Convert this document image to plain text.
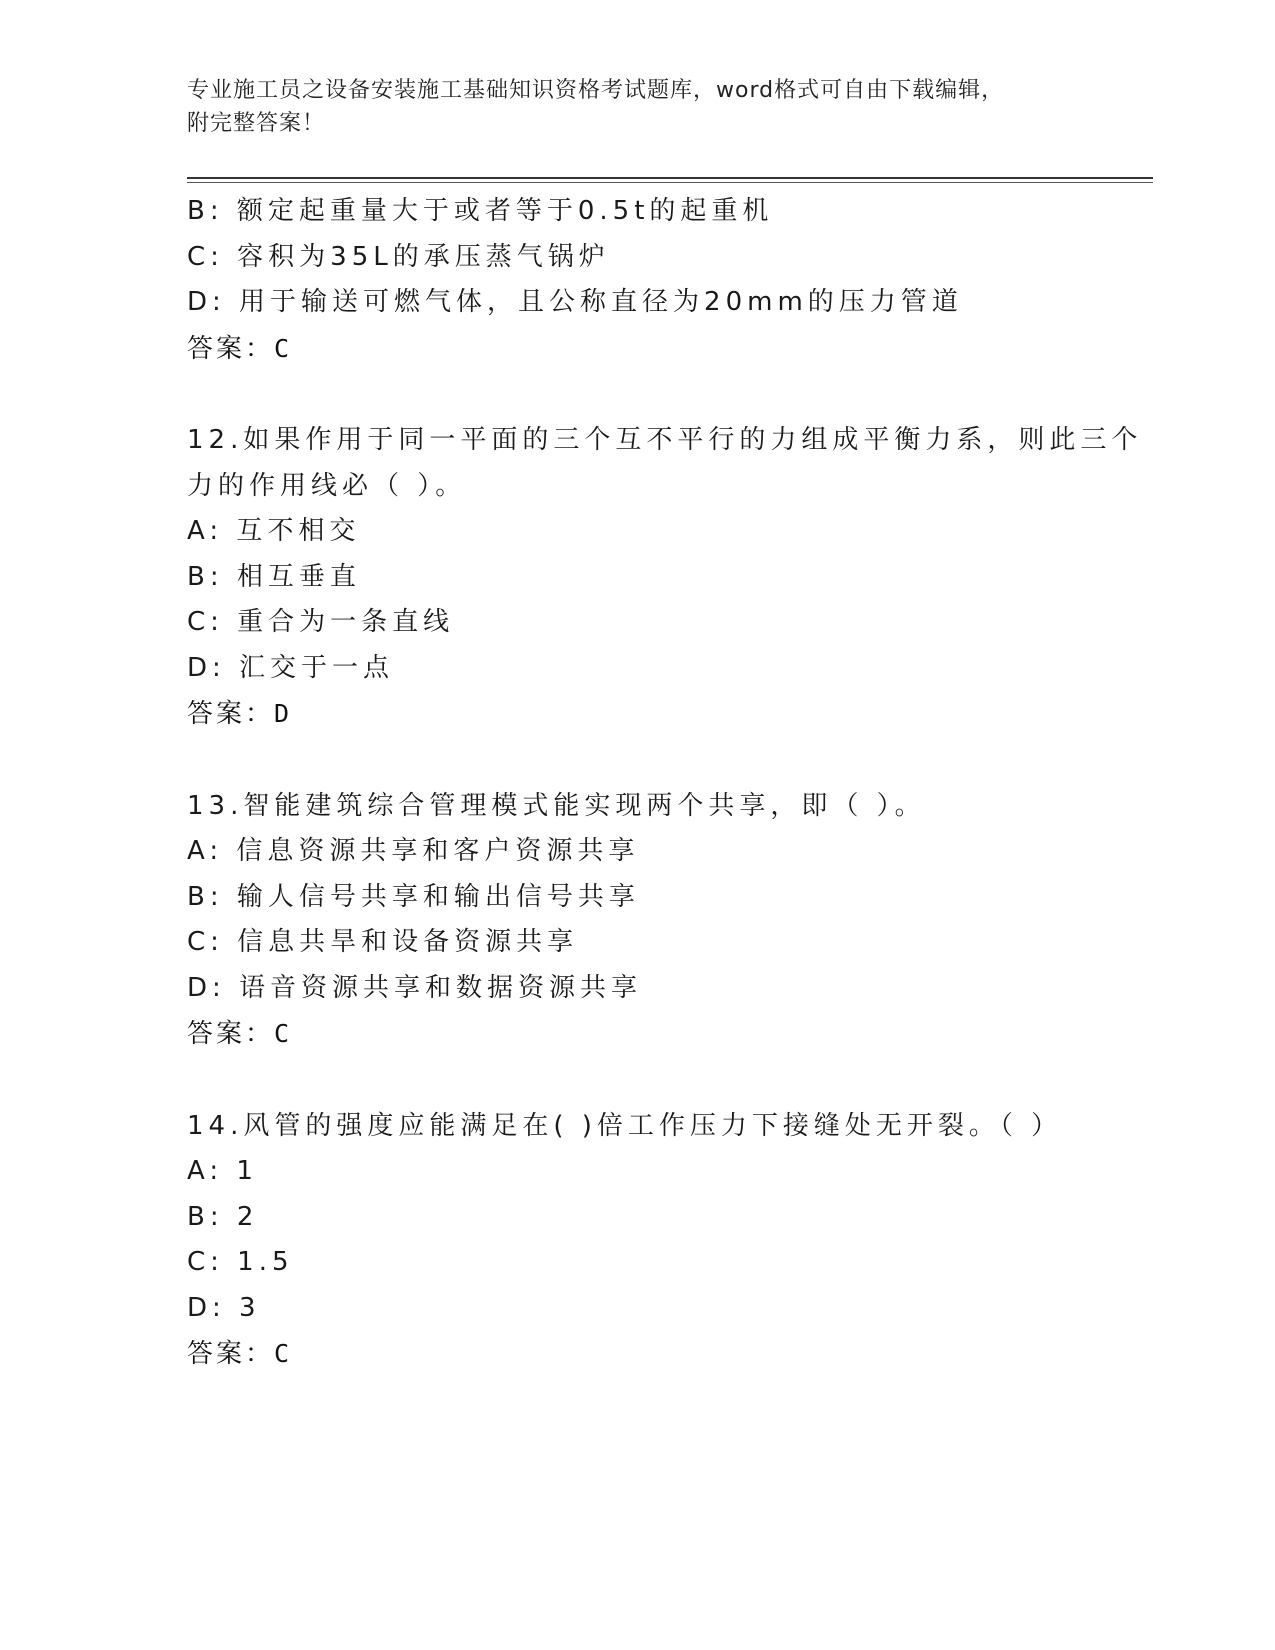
专业施工员之设备安装施工基础知识资格考试题库，word格式可自由下载编辑，
附完整答案！
B: 额定起重量大于或者等于0.5t的起重机
C: 容积为35L的承压蒸气锅炉
D: 用于输送可燃气体，且公称直径为20mm的压力管道
答案：C
12.如果作用于同一平面的三个互不平行的力组成平衡力系，则此三个
力的作用线必（ ）。
A: 互不相交
B: 相互垂直
C: 重合为一条直线
D: 汇交于一点
答案：D
13.智能建筑综合管理模式能实现两个共享，即（ ）。
A: 信息资源共享和客户资源共享
B: 输人信号共享和输出信号共享
C: 信息共旱和设备资源共享
D: 语音资源共享和数据资源共享
答案：C
14.风管的强度应能满足在( )倍工作压力下接缝处无开裂。（ ）
A: 1
B: 2
C: 1.5
D: 3
答案：C
